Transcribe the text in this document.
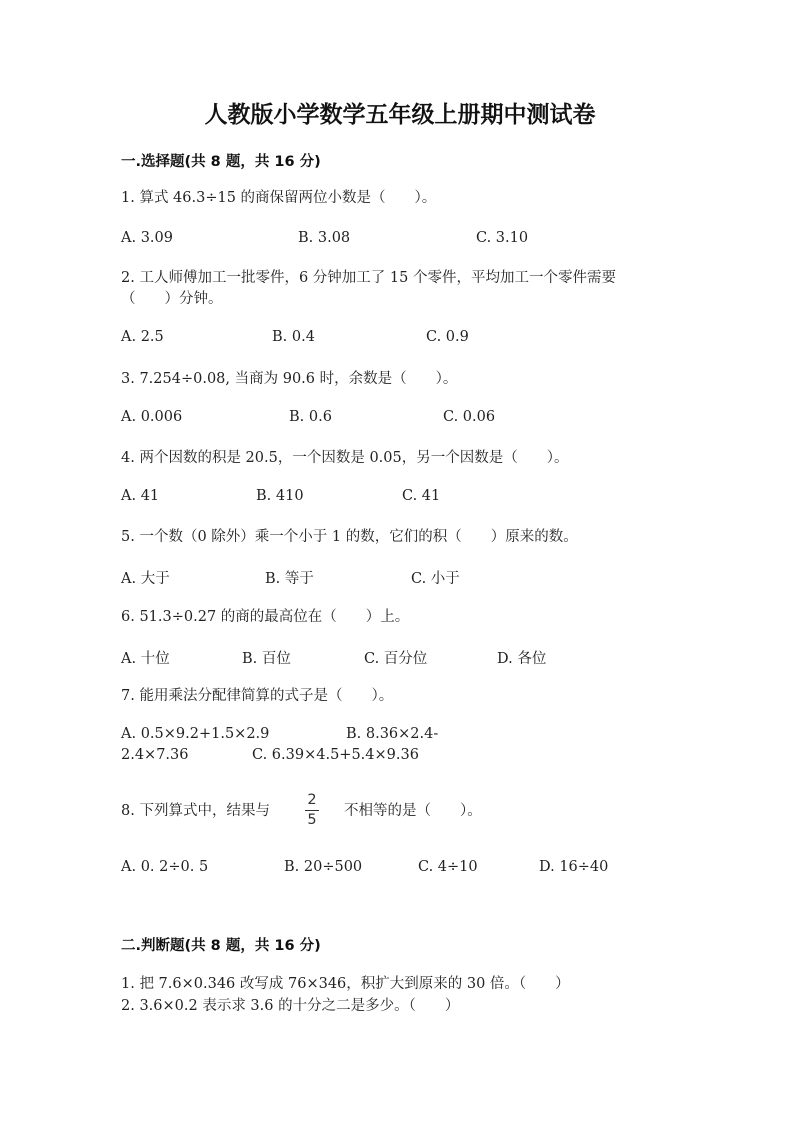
人教版小学数学五年级上册期中测试卷
一.选择题(共 8 题，共 16 分)
1. 算式 46.3÷15 的商保留两位小数是（　　）。
A. 3.09	B. 3.08	C. 3.10
2. 工人师傅加工一批零件，6 分钟加工了 15 个零件，平均加工一个零件需要
（　　）分钟。
A. 2.5	B. 0.4	C. 0.9
3. 7.254÷0.08, 当商为 90.6 时，余数是（　　）。
A. 0.006	B. 0.6	C. 0.06
4. 两个因数的积是 20.5，一个因数是 0.05，另一个因数是（　　）。
A. 41	B. 410	C. 41
5. 一个数（0 除外）乘一个小于 1 的数，它们的积（　　）原来的数。
A. 大于	B. 等于	C. 小于
6. 51.3÷0.27 的商的最高位在（　　）上。
A. 十位	B. 百位	C. 百分位	D. 各位
7. 能用乘法分配律简算的式子是（　　）。
A. 0.5×9.2+1.5×2.9	B. 8.36×2.4-
2.4×7.36	C. 6.39×4.5+5.4×9.36
8. 下列算式中，结果与
2
5
不相等的是（　　）。
A. 0. 2÷0. 5	B. 20÷500	C. 4÷10	D. 16÷40
二.判断题(共 8 题，共 16 分)
1. 把 7.6×0.346 改写成 76×346，积扩大到原来的 30 倍。（　　）
2. 3.6×0.2 表示求 3.6 的十分之二是多少。（　　）
